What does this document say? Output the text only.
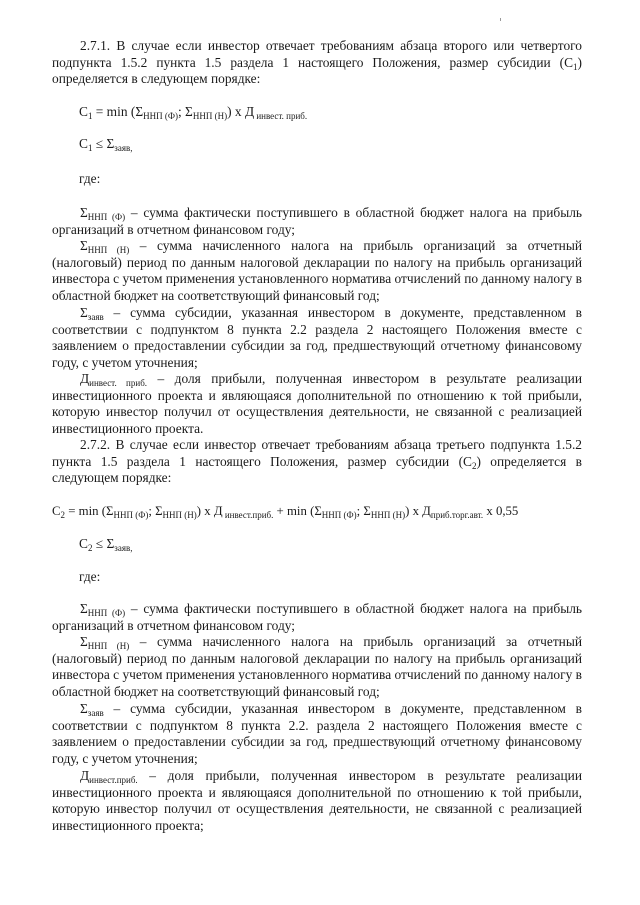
2.7.1. В случае если инвестор отвечает требованиям абзаца второго или четвертого подпункта 1.5.2 пункта 1.5 раздела 1 настоящего Положения, размер субсидии $(С_1)$ определяется в следующем порядке:
$С_1 = \min (\Sigma_{ННП (Ф)}$; $\Sigma_{ННП (Н)}$) х Д $_{инвест. приб.}$
$С_1 \le \Sigma_{заяв,}$
где:
$\Sigma_{ННП (Ф)}$ – сумма фактически поступившего в областной бюджет налога на прибыль организаций в отчетном финансовом году;
$\Sigma_{ННП (Н)}$ – сумма начисленного налога на прибыль организаций за отчетный (налоговый) период по данным налоговой декларации по налогу на прибыль организаций инвестора с учетом применения установленного норматива отчислений по данному налогу в областной бюджет на соответствующий финансовый год;
$\Sigma_{заяв}$ – сумма субсидии, указанная инвестором в документе, представленном в соответствии с подпунктом 8 пункта 2.2 раздела 2 настоящего Положения вместе с заявлением о предоставлении субсидии за год, предшествующий отчетному финансовому году, с учетом уточнения;
$Д_{инвест. приб.}$ – доля прибыли, полученная инвестором в результате реализации инвестиционного проекта и являющаяся дополнительной по отношению к той прибыли, которую инвестор получил от осуществления деятельности, не связанной с реализацией инвестиционного проекта.
2.7.2. В случае если инвестор отвечает требованиям абзаца третьего подпункта 1.5.2 пункта 1.5 раздела 1 настоящего Положения, размер субсидии $(С_2)$ определяется в следующем порядке:
$С_2 = \min (\Sigma_{ННП (Ф)}$; $\Sigma_{ННП (Н)}$) х Д $_{инвест.приб.} + \min (\Sigma_{ННП (Ф)}$; $\Sigma_{ННП (Н)}$) х $Д_{приб.торг.авт.}$ х 0,55
$С_2 \le \Sigma_{заяв,}$
где:
$\Sigma_{ННП (Ф)}$ – сумма фактически поступившего в областной бюджет налога на прибыль организаций в отчетном финансовом году;
$\Sigma_{ННП (Н)}$ – сумма начисленного налога на прибыль организаций за отчетный (налоговый) период по данным налоговой декларации по налогу на прибыль организаций инвестора с учетом применения установленного норматива отчислений по данному налогу в областной бюджет на соответствующий финансовый год;
$\Sigma_{заяв}$ – сумма субсидии, указанная инвестором в документе, представленном в соответствии с подпунктом 8 пункта 2.2. раздела 2 настоящего Положения вместе с заявлением о предоставлении субсидии за год, предшествующий отчетному финансовому году, с учетом уточнения;
$Д_{инвест.приб.}$ – доля прибыли, полученная инвестором в результате реализации инвестиционного проекта и являющаяся дополнительной по отношению к той прибыли, которую инвестор получил от осуществления деятельности, не связанной с реализацией инвестиционного проекта;
